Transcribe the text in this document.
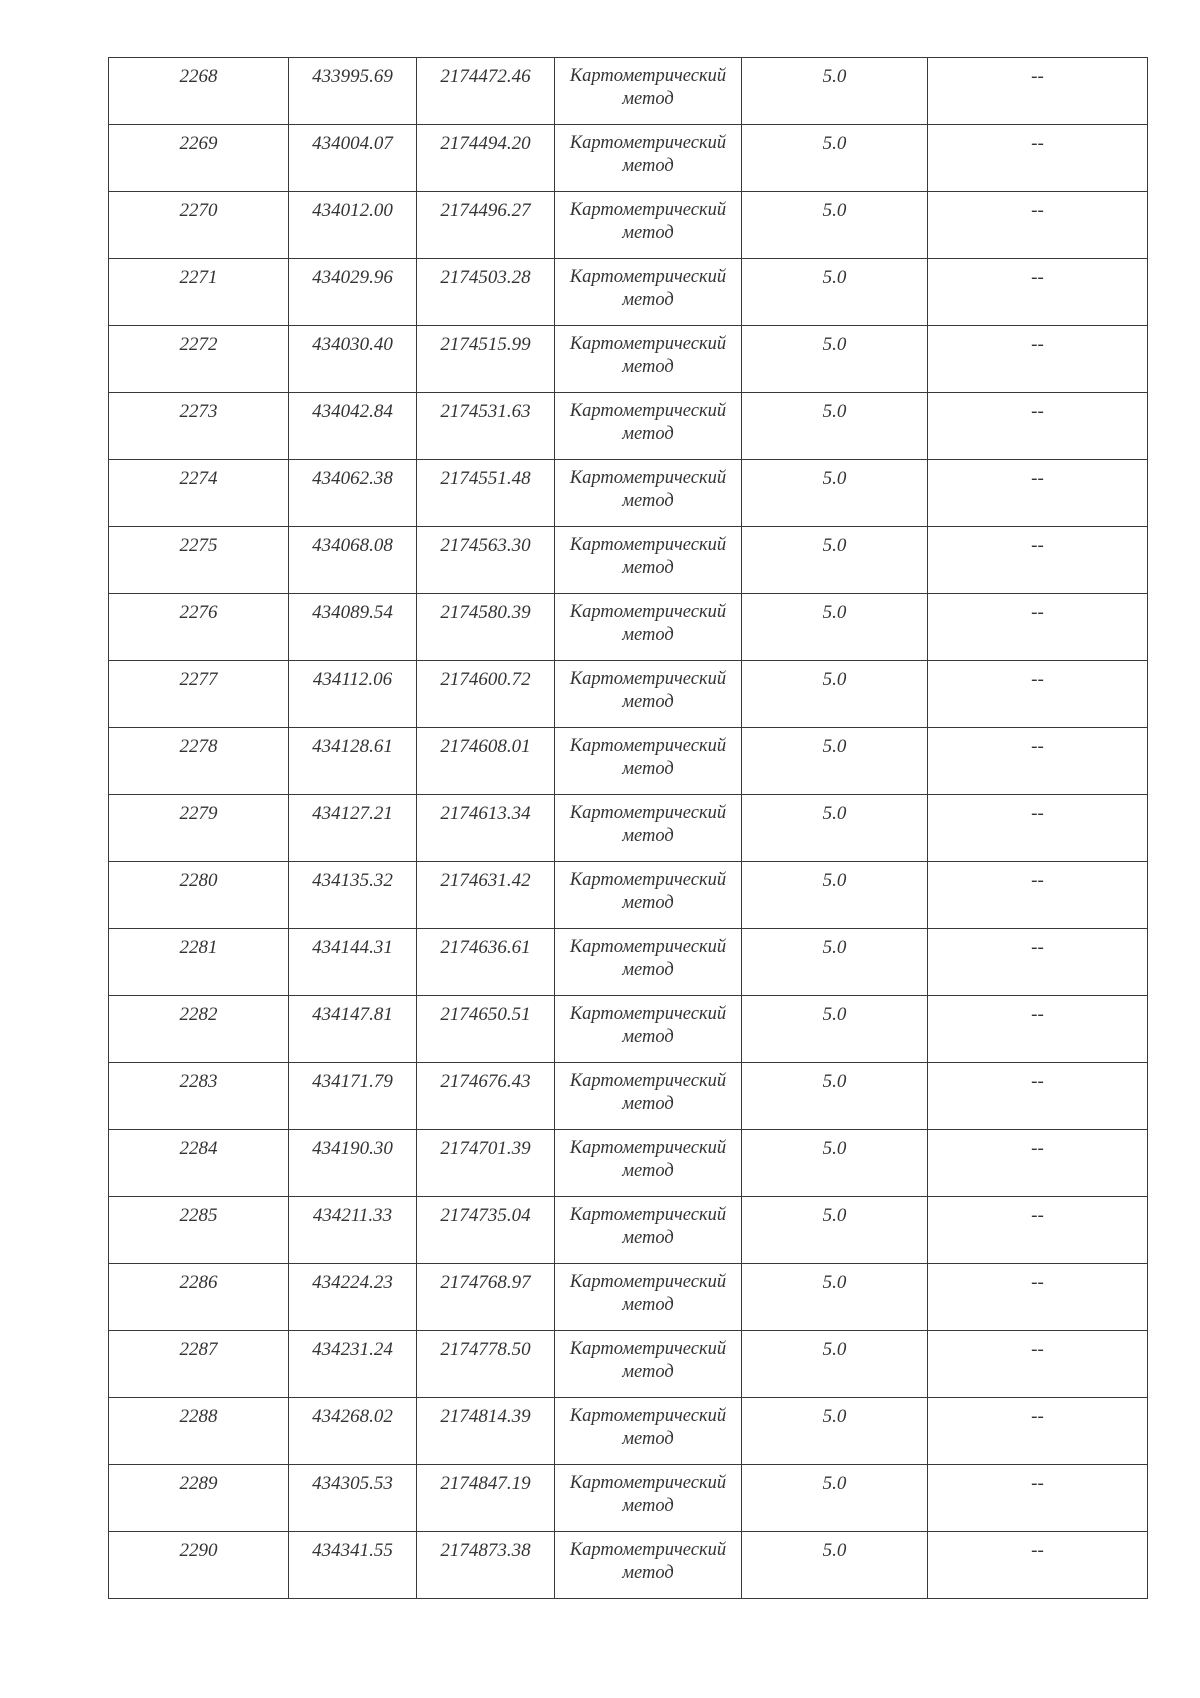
2268	433995.69	2174472.46	Картометрический
метод	5.0	--

2269	434004.07	2174494.20	Картометрический
метод	5.0	--

2270	434012.00	2174496.27	Картометрический
метод	5.0	--

2271	434029.96	2174503.28	Картометрический
метод	5.0	--

2272	434030.40	2174515.99	Картометрический
метод	5.0	--

2273	434042.84	2174531.63	Картометрический
метод	5.0	--

2274	434062.38	2174551.48	Картометрический
метод	5.0	--

2275	434068.08	2174563.30	Картометрический
метод	5.0	--

2276	434089.54	2174580.39	Картометрический
метод	5.0	--

2277	434112.06	2174600.72	Картометрический
метод	5.0	--

2278	434128.61	2174608.01	Картометрический
метод	5.0	--

2279	434127.21	2174613.34	Картометрический
метод	5.0	--

2280	434135.32	2174631.42	Картометрический
метод	5.0	--

2281	434144.31	2174636.61	Картометрический
метод	5.0	--

2282	434147.81	2174650.51	Картометрический
метод	5.0	--

2283	434171.79	2174676.43	Картометрический
метод	5.0	--

2284	434190.30	2174701.39	Картометрический
метод	5.0	--

2285	434211.33	2174735.04	Картометрический
метод	5.0	--

2286	434224.23	2174768.97	Картометрический
метод	5.0	--

2287	434231.24	2174778.50	Картометрический
метод	5.0	--

2288	434268.02	2174814.39	Картометрический
метод	5.0	--

2289	434305.53	2174847.19	Картометрический
метод	5.0	--

2290	434341.55	2174873.38	Картометрический
метод	5.0	--
